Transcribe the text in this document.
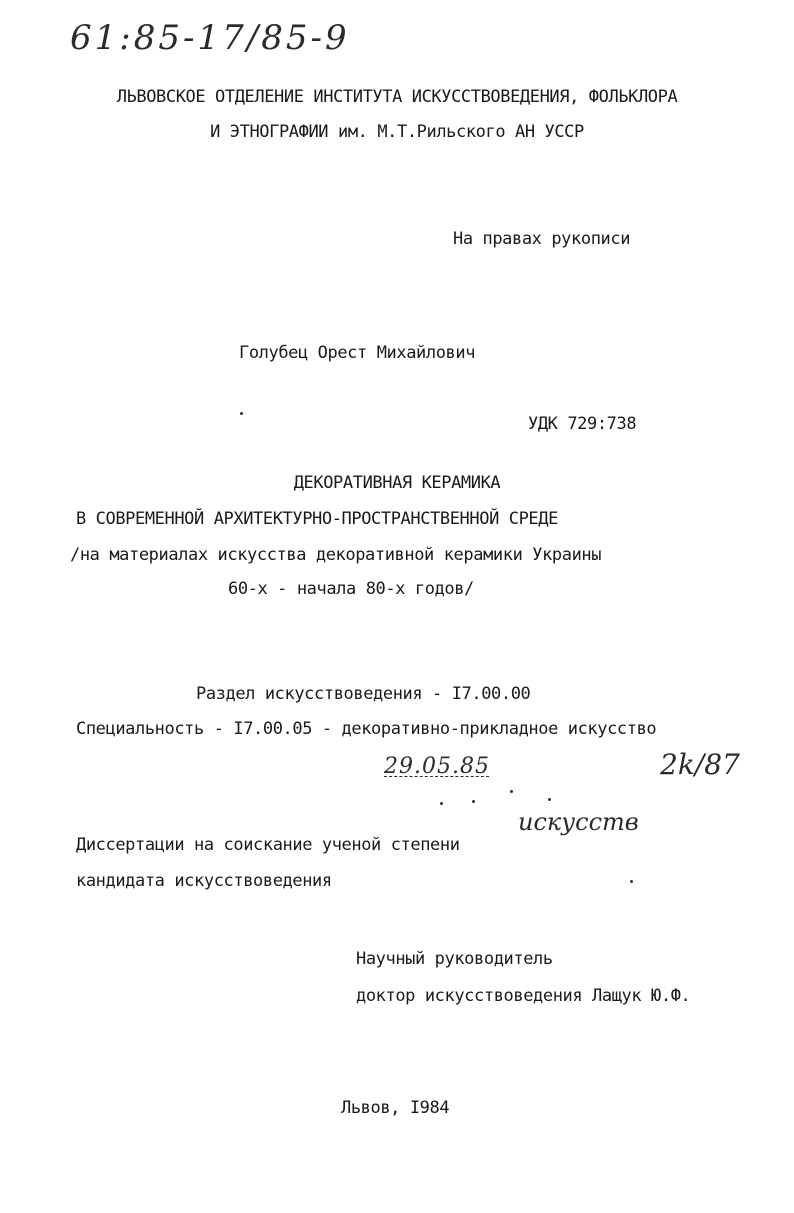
61:85-17/85-9
ЛЬВОВСКОЕ ОТДЕЛЕНИЕ ИНСТИТУТА ИСКУССТВОВЕДЕНИЯ, ФОЛЬКЛОРА
И ЭТНОГРАФИИ им. М.Т.Рильского АН УССР
На правах рукописи
Голубец Орест Михайлович
УДК 729:738
ДЕКОРАТИВНАЯ КЕРАМИКА
В СОВРЕМЕННОЙ АРХИТЕКТУРНО-ПРОСТРАНСТВЕННОЙ СРЕДЕ
/на материалах искусства декоративной керамики Украины
60-х - начала 80-х годов/
Раздел искусствоведения - I7.00.00
Специальность - I7.00.05 - декоративно-прикладное искусство
29.05.85	2k/87
искусств
Диссертации на соискание ученой степени
кандидата искусствоведения
Научный руководитель
доктор искусствоведения Лащук Ю.Ф.
Львов, I984
